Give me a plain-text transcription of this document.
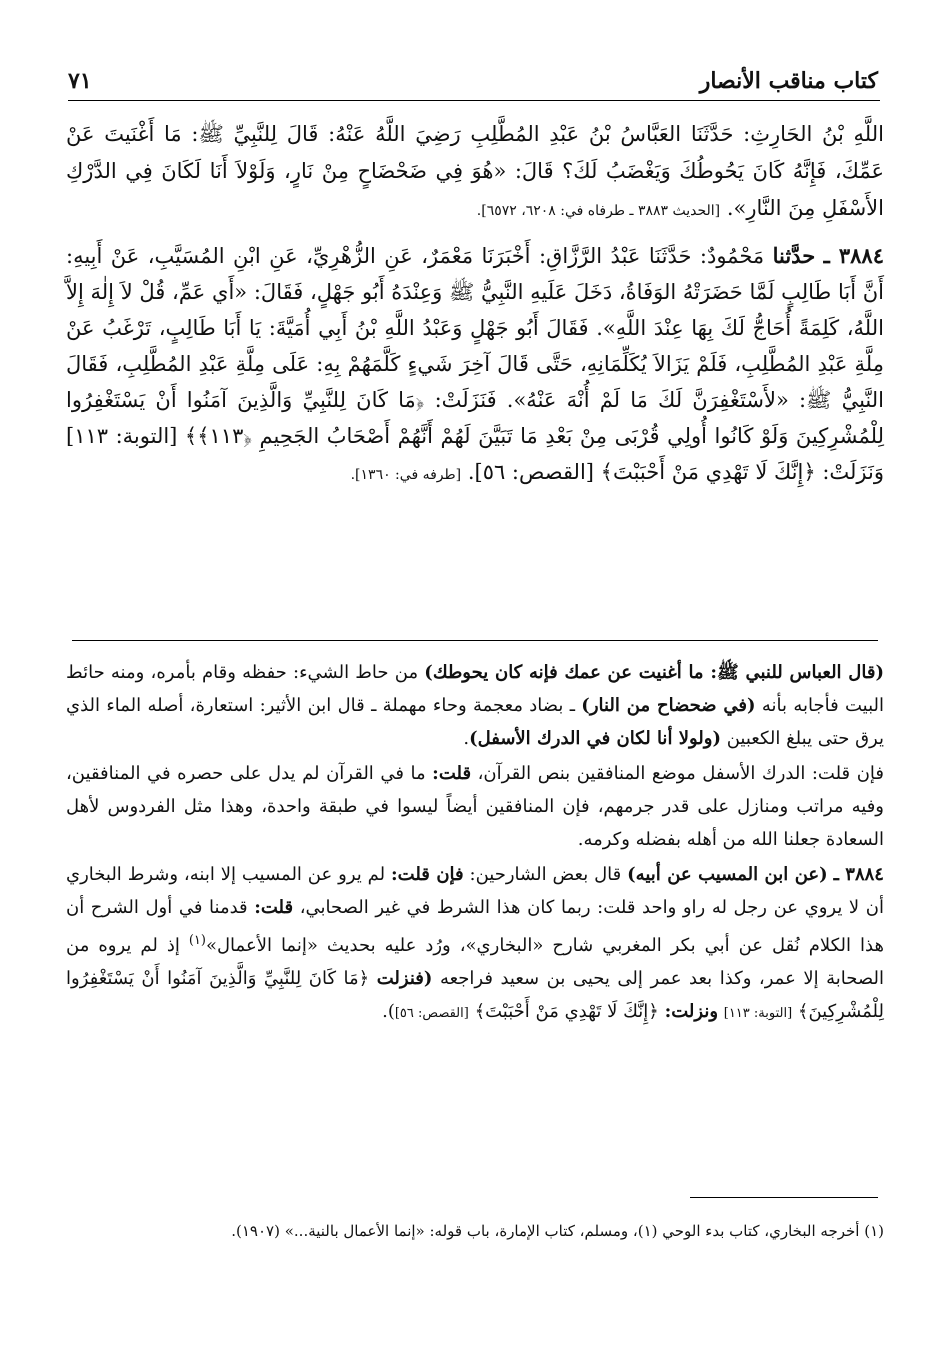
كتاب مناقب الأنصار
٧١

اللَّهِ بْنُ الحَارِثِ: حَدَّثَنَا العَبَّاسُ بْنُ عَبْدِ المُطَّلِبِ رَضِيَ اللَّهُ عَنْهُ: قَالَ لِلنَّبِيِّ ﷺ: مَا أَغْنَيتَ عَنْ عَمِّكَ، فَإِنَّهُ كَانَ يَحُوطُكَ وَيَغْضَبُ لَكَ؟ قَالَ: «هُوَ فِي ضَحْضَاحٍ مِنْ نَارٍ، وَلَوْلاَ أَنَا لَكَانَ فِي الدَّرْكِ الأَسْفَلِ مِنَ النَّارِ». [الحديث ٣٨٨٣ ـ طرفاه في: ٦٢٠٨، ٦٥٧٢].

٣٨٨٤ ـ حدَّثنا مَحْمُودٌ: حَدَّثَنَا عَبْدُ الرَّزَّاقِ: أَخْبَرَنَا مَعْمَرٌ، عَنِ الزُّهْرِيِّ، عَنِ ابْنِ المُسَيَّبِ، عَنْ أَبِيهِ: أَنَّ أَبَا طَالِبٍ لَمَّا حَضَرَتْهُ الوَفَاةُ، دَخَلَ عَلَيهِ النَّبِيُّ ﷺ وَعِنْدَهُ أَبُو جَهْلٍ، فَقَالَ: «أَي عَمِّ، قُلْ لاَ إِلٰهَ إِلاَّ اللَّهُ، كَلِمَةً أُحَاجُّ لَكَ بِهَا عِنْدَ اللَّهِ». فَقَالَ أَبُو جَهْلٍ وَعَبْدُ اللَّهِ بْنُ أَبِي أُمَيَّةَ: يَا أَبَا طَالِبٍ، تَرْغَبُ عَنْ مِلَّةِ عَبْدِ المُطَّلِبِ، فَلَمْ يَزَالاَ يُكَلِّمَانِهِ، حَتَّى قَالَ آخِرَ شَيءٍ كَلَّمَهُمْ بِهِ: عَلَى مِلَّةِ عَبْدِ المُطَّلِبِ، فَقَالَ النَّبِيُّ ﷺ: «لأَسْتَغْفِرَنَّ لَكَ مَا لَمْ أُنْهَ عَنْهُ». فَنَزَلَتْ: ﴿مَا كَانَ لِلنَّبِيِّ وَالَّذِينَ آمَنُوا أَنْ يَسْتَغْفِرُوا لِلْمُشْرِكِينَ وَلَوْ كَانُوا أُولِي قُرْبَى مِنْ بَعْدِ مَا تَبَيَّنَ لَهُمْ أَنَّهُمْ أَصْحَابُ الجَحِيمِ ﴿١١٣﴾﴾ [التوبة: ١١٣] وَنَزَلَتْ: ﴿إِنَّكَ لَا تَهْدِي مَنْ أَحْبَبْتَ﴾ [القصص: ٥٦]. [طرفه في: ١٣٦٠].

(قال العباس للنبي ﷺ: ما أغنيت عن عمك فإنه كان يحوطك) من حاط الشيء: حفظه وقام بأمره، ومنه حائط البيت فأجابه بأنه (في ضحضاح من النار) ـ بضاد معجمة وحاء مهملة ـ قال ابن الأثير: استعارة، أصله الماء الذي يرق حتى يبلغ الكعبين (ولولا أنا لكان في الدرك الأسفل).

فإن قلت: الدرك الأسفل موضع المنافقين بنص القرآن، قلت: ما في القرآن لم يدل على حصره في المنافقين، وفيه مراتب ومنازل على قدر جرمهم، فإن المنافقين أيضاً ليسوا في طبقة واحدة، وهذا مثل الفردوس لأهل السعادة جعلنا الله من أهله بفضله وكرمه.

٣٨٨٤ ـ (عن ابن المسيب عن أبيه) قال بعض الشارحين: فإن قلت: لم يرو عن المسيب إلا ابنه، وشرط البخاري أن لا يروي عن رجل له راو واحد قلت: ربما كان هذا الشرط في غير الصحابي، قلت: قدمنا في أول الشرح أن هذا الكلام نُقل عن أبي بكر المغربي شارح «البخاري»، ورُد عليه بحديث «إنما الأعمال»$^{(١)}$ إذ لم يروه من الصحابة إلا عمر، وكذا بعد عمر إلى يحيى بن سعيد فراجعه (فنزلت ﴿مَا كَانَ لِلنَّبِيِّ وَالَّذِينَ آمَنُوا أَنْ يَسْتَغْفِرُوا لِلْمُشْرِكِينَ﴾ [التوبة: ١١٣] ونزلت: ﴿إِنَّكَ لَا تَهْدِي مَنْ أَحْبَبْتَ﴾ [القصص: ٥٦]).

(١) أخرجه البخاري، كتاب بدء الوحي (١)، ومسلم، كتاب الإمارة، باب قوله: «إنما الأعمال بالنية...» (١٩٠٧).
